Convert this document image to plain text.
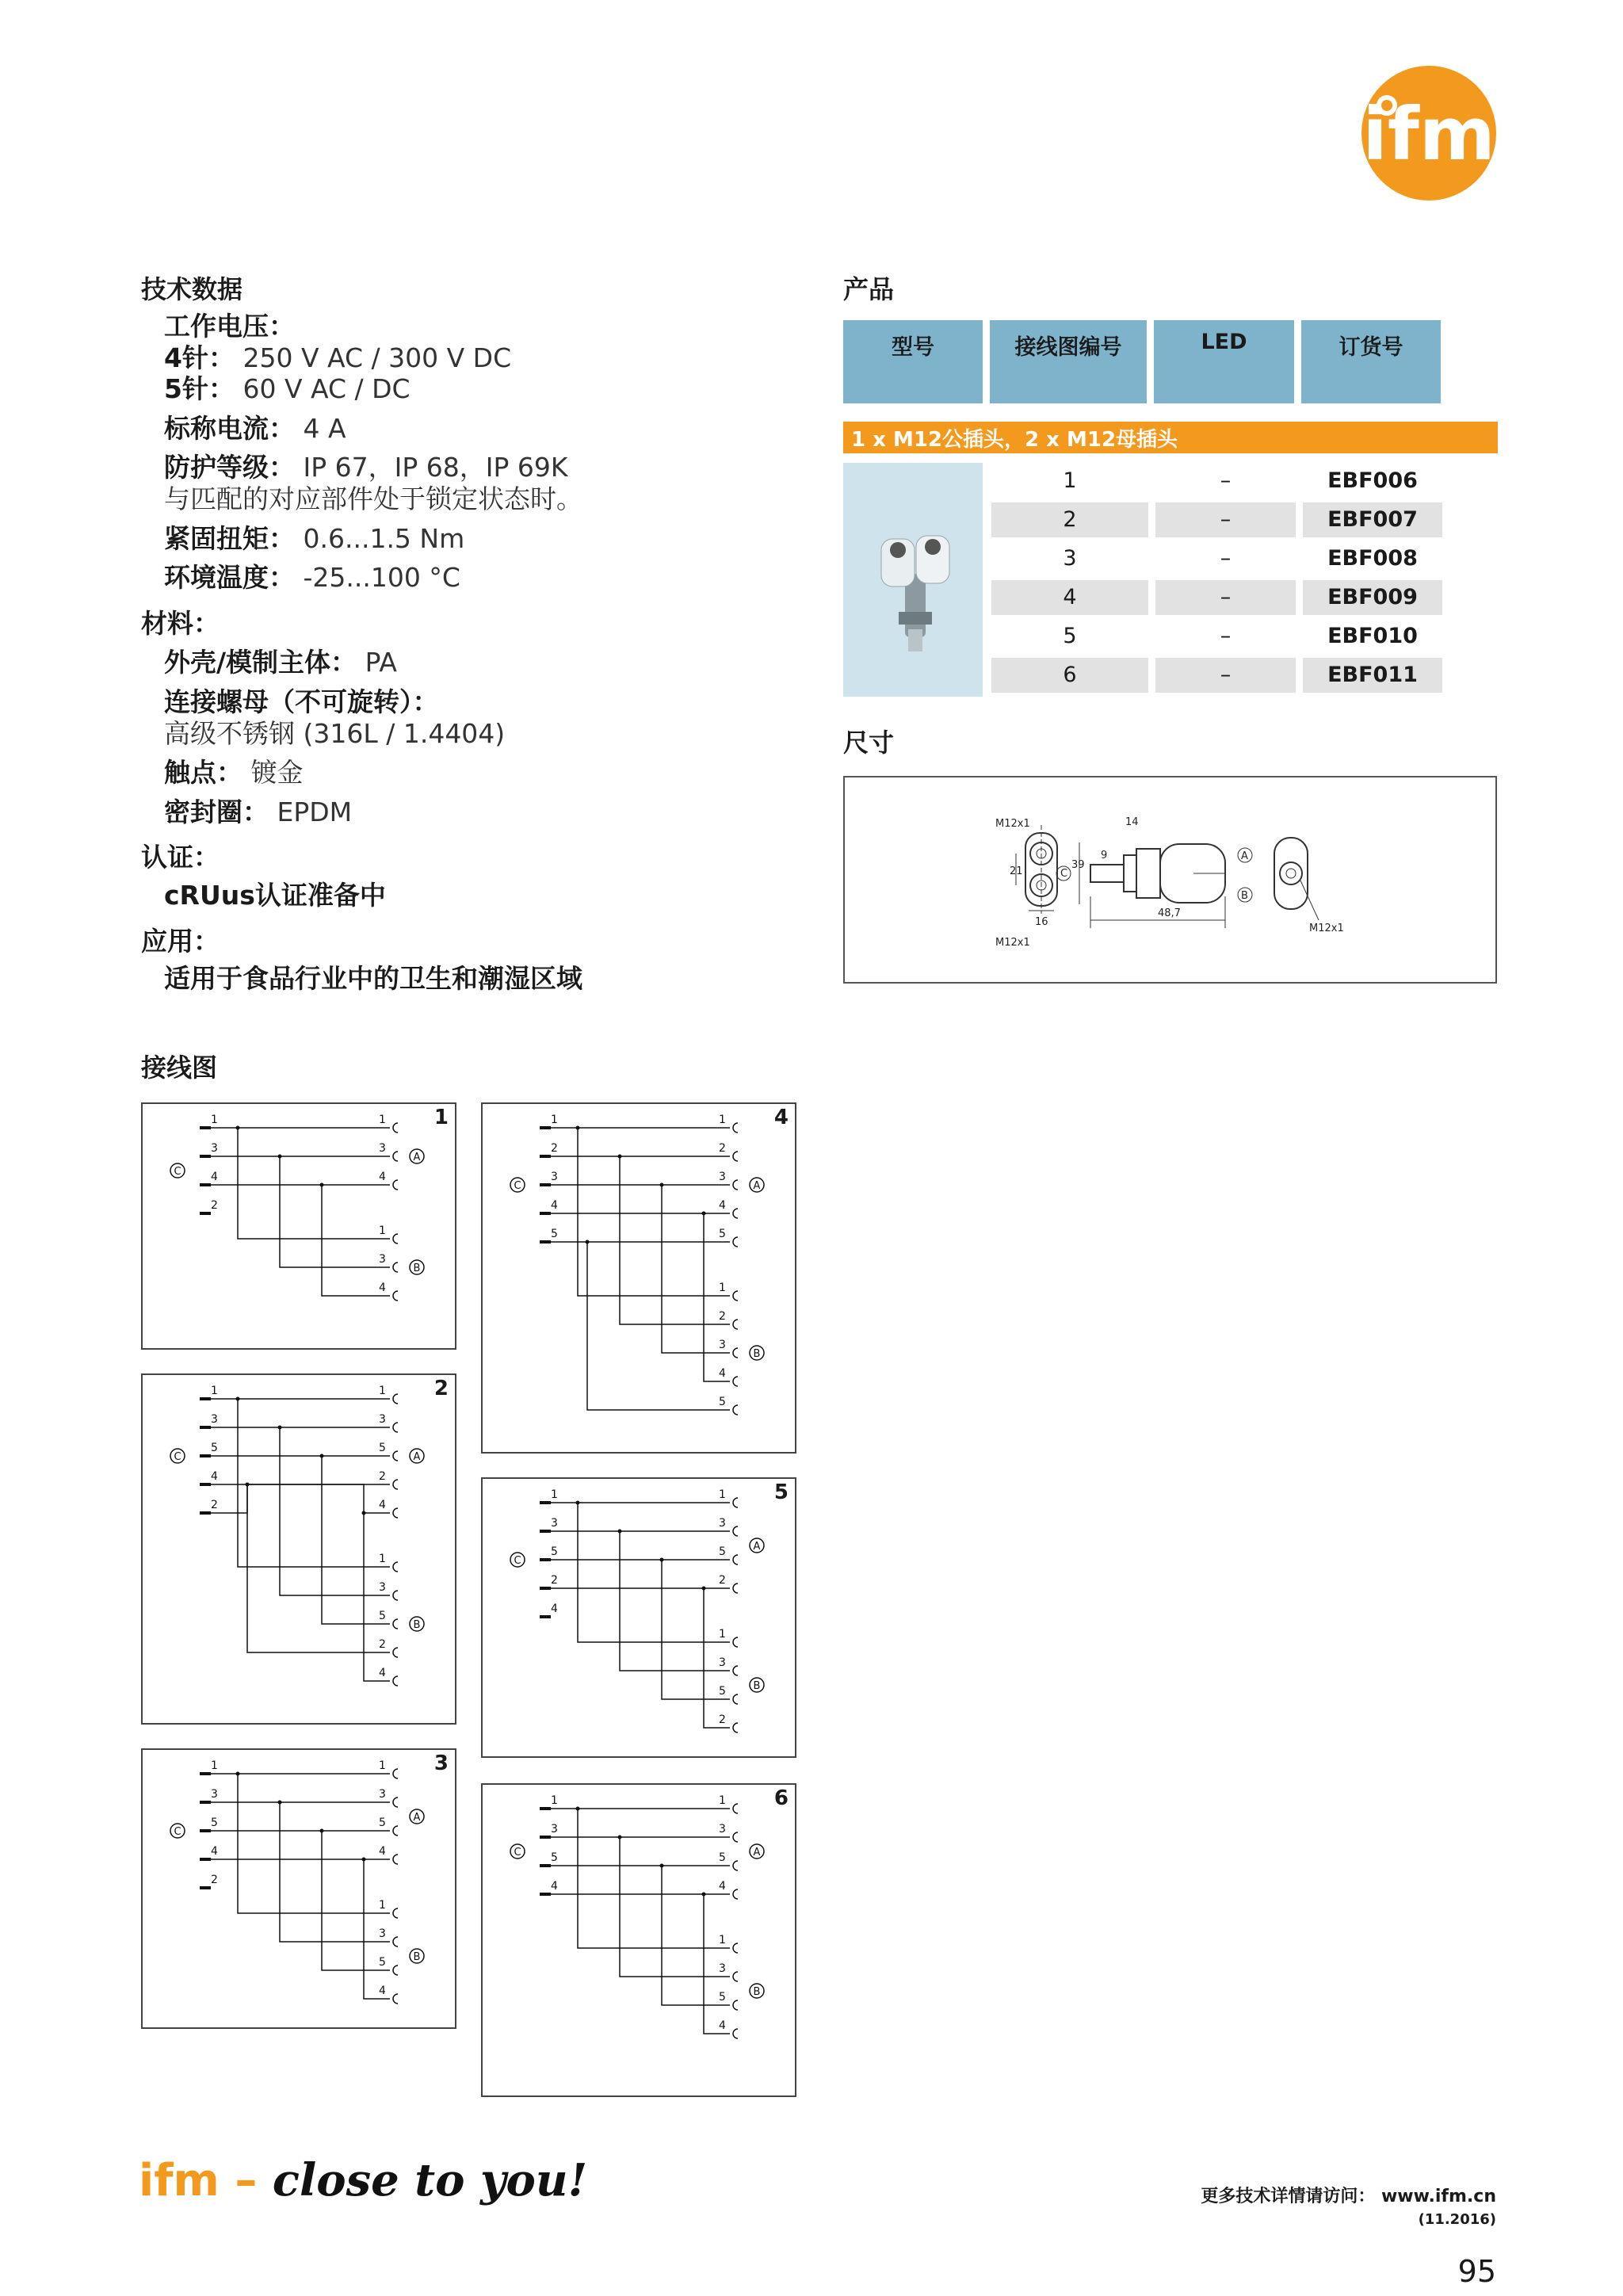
ifm
技术数据
工作电压：
4针： 250 V AC / 300 V DC
5针： 60 V AC / DC
标称电流： 4 A
防护等级： IP 67，IP 68，IP 69K
与匹配的对应部件处于锁定状态时。
紧固扭矩： 0.6...1.5 Nm
环境温度： -25...100 °C
材料：
外壳/模制主体： PA
连接螺母（不可旋转）：
高级不锈钢 (316L / 1.4404)
触点： 镀金
密封圈： EPDM
认证：
cRUus认证准备中
应用：
适用于食品行业中的卫生和潮湿区域
产品
型号	接线图编号	LED	订货号
1 x M12公插头，2 x M12母插头
1	–	EBF006
2	–	EBF007
3	–	EBF008
4	–	EBF009
5	–	EBF010
6	–	EBF011
尺寸
M12x1
M12x1
21
16
48,7
39
9
14
C
A
B
M12x1
接线图
1
1
3
4
2
1
3
4
1
3
4
C
A
B
2
1
3
5
4
2
1
3
5
2
4
1
3
5
2
4
C	A
B
3
1
3
5
4
2
1
3
5
4
1
3
5
4
C
A
B
4
1
2
3
4
5
1
2
3
4
5
1
2
3
4
5
C	A
B
5
1
3
5
2
4
1
3
5
2
1
3
5
2
C
A
B
6
1
3
5
4
1
3
5
4
1
3
5
4
C	A
B
ifm – close to you!	更多技术详情请访问： www.ifm.cn
(11.2016)
95
